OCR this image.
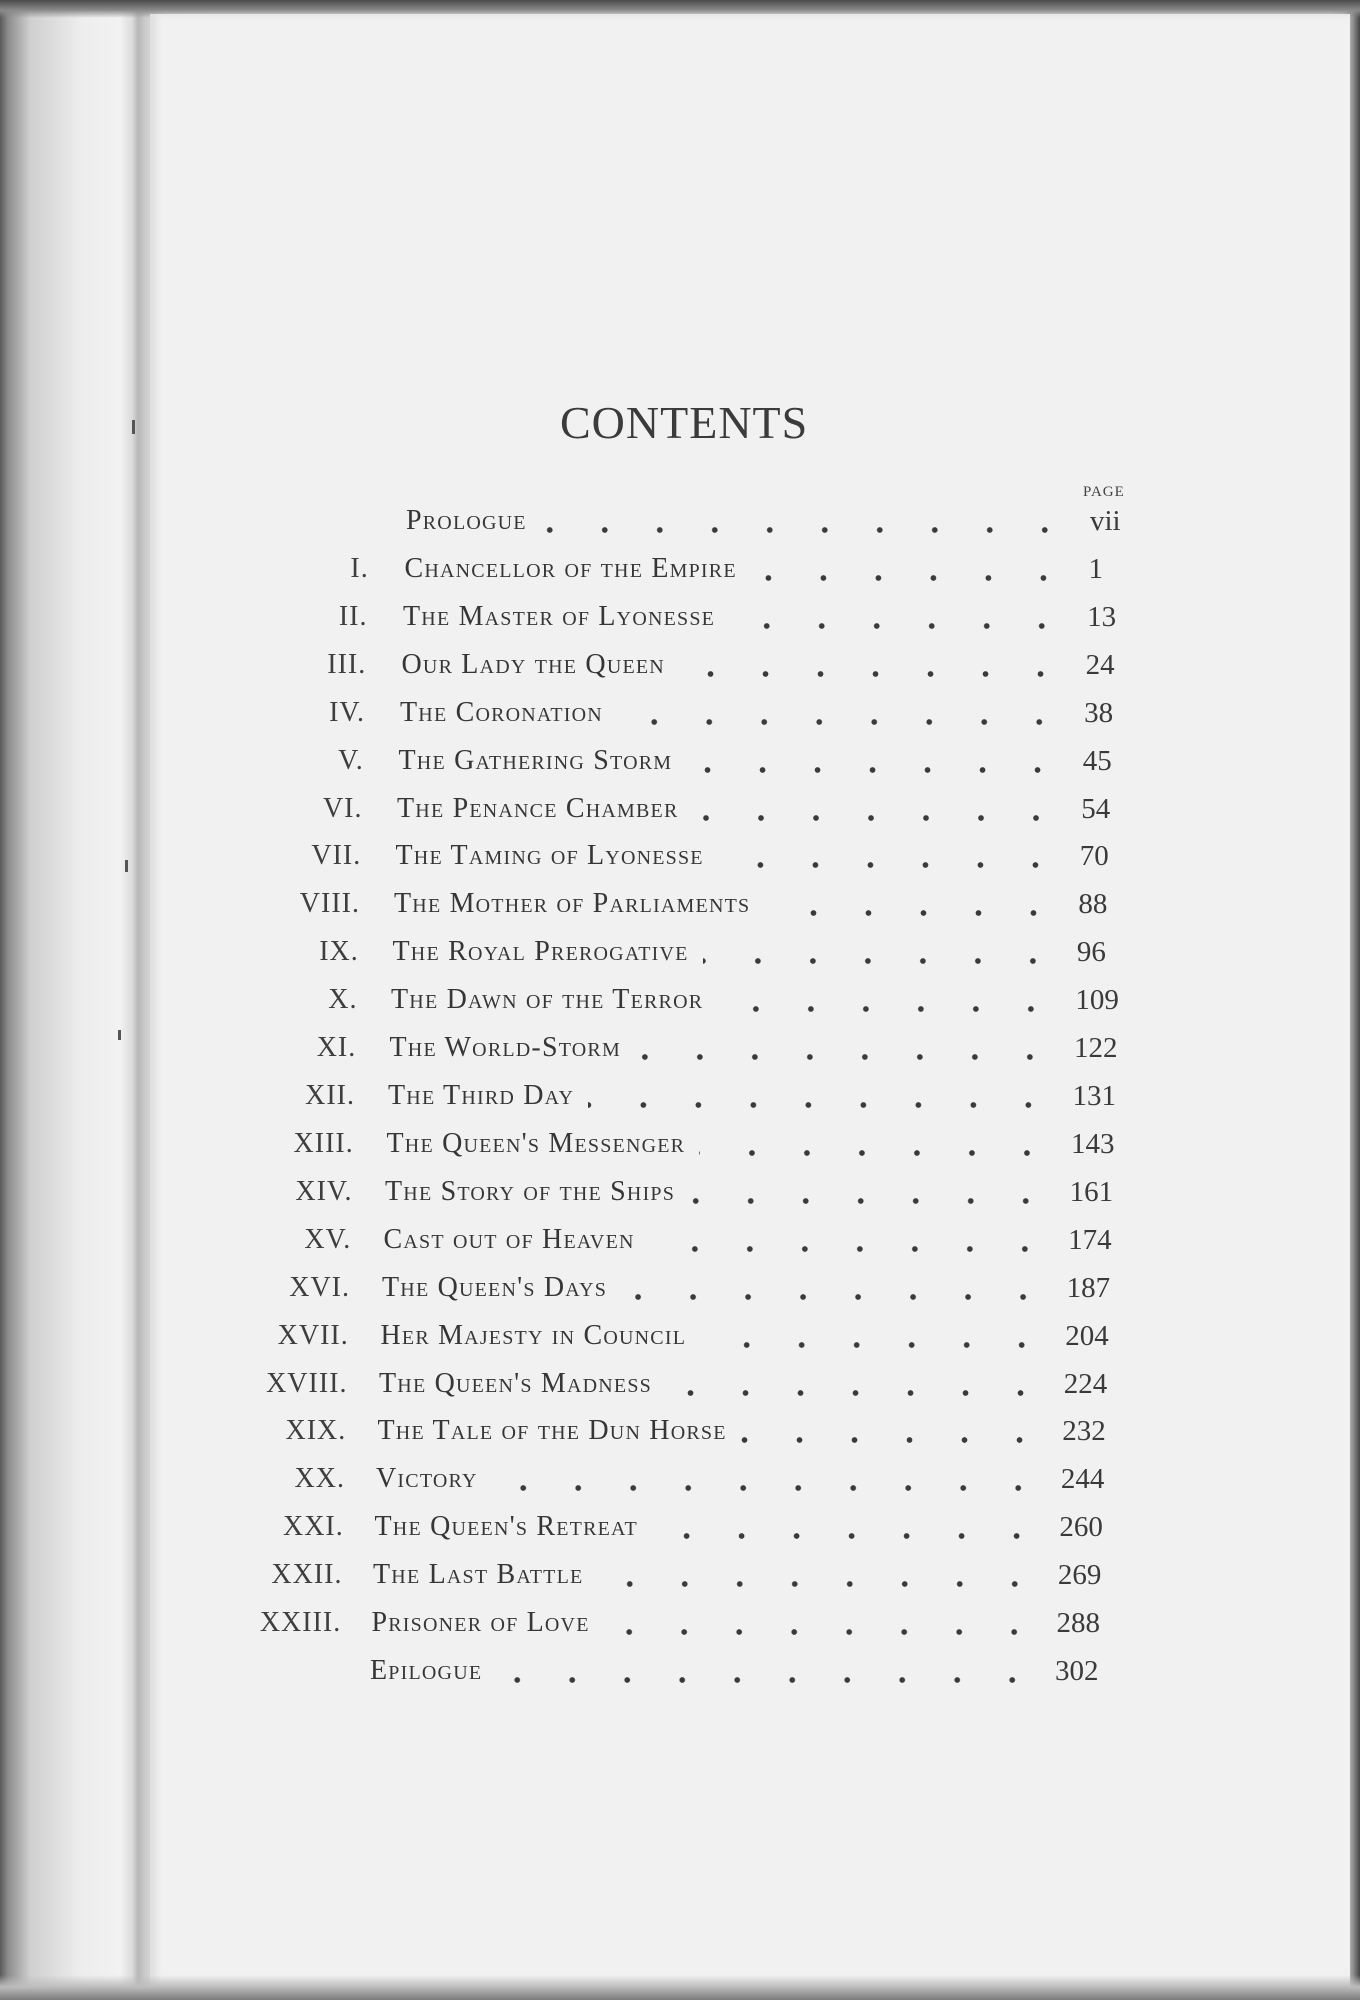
CONTENTS
PAGE
Prologue	vii
I. Chancellor of the Empire	1
II. The Master of Lyonesse	13
III. Our Lady the Queen	24
IV. The Coronation	38
V. The Gathering Storm	45
VI. The Penance Chamber	54
VII. The Taming of Lyonesse	70
VIII. The Mother of Parliaments	88
IX. The Royal Prerogative	96
X. The Dawn of the Terror	109
XI. The World-Storm	122
XII. The Third Day	131
XIII. The Queen's Messenger	143
XIV. The Story of the Ships	161
XV. Cast out of Heaven	174
XVI. The Queen's Days	187
XVII. Her Majesty in Council	204
XVIII. The Queen's Madness	224
XIX. The Tale of the Dun Horse	232
XX. Victory	244
XXI. The Queen's Retreat	260
XXII. The Last Battle	269
XXIII. Prisoner of Love	288
Epilogue	302
